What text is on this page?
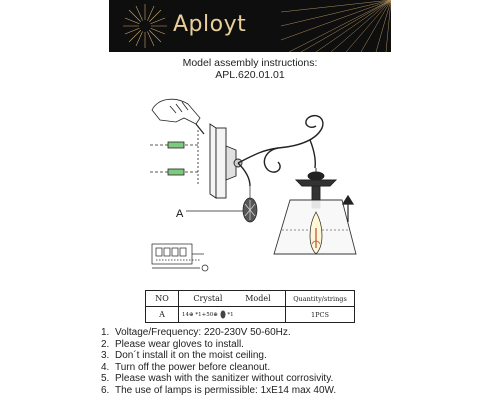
Aployt
Model assembly instructions:
APL.620.01.01
A
NO	Crystal Model	Quantity/strings
A	14⊕ *1+50⊕ *1	1PCS
1. Voltage/Frequency: 220-230V 50-60Hz.
2. Please wear gloves to install.
3. Don´t install it on the moist ceiling.
4. Turn off the power before cleanout.
5. Please wash with the sanitizer without corrosivity.
6. The use of lamps is permissible: 1xE14 max 40W.
